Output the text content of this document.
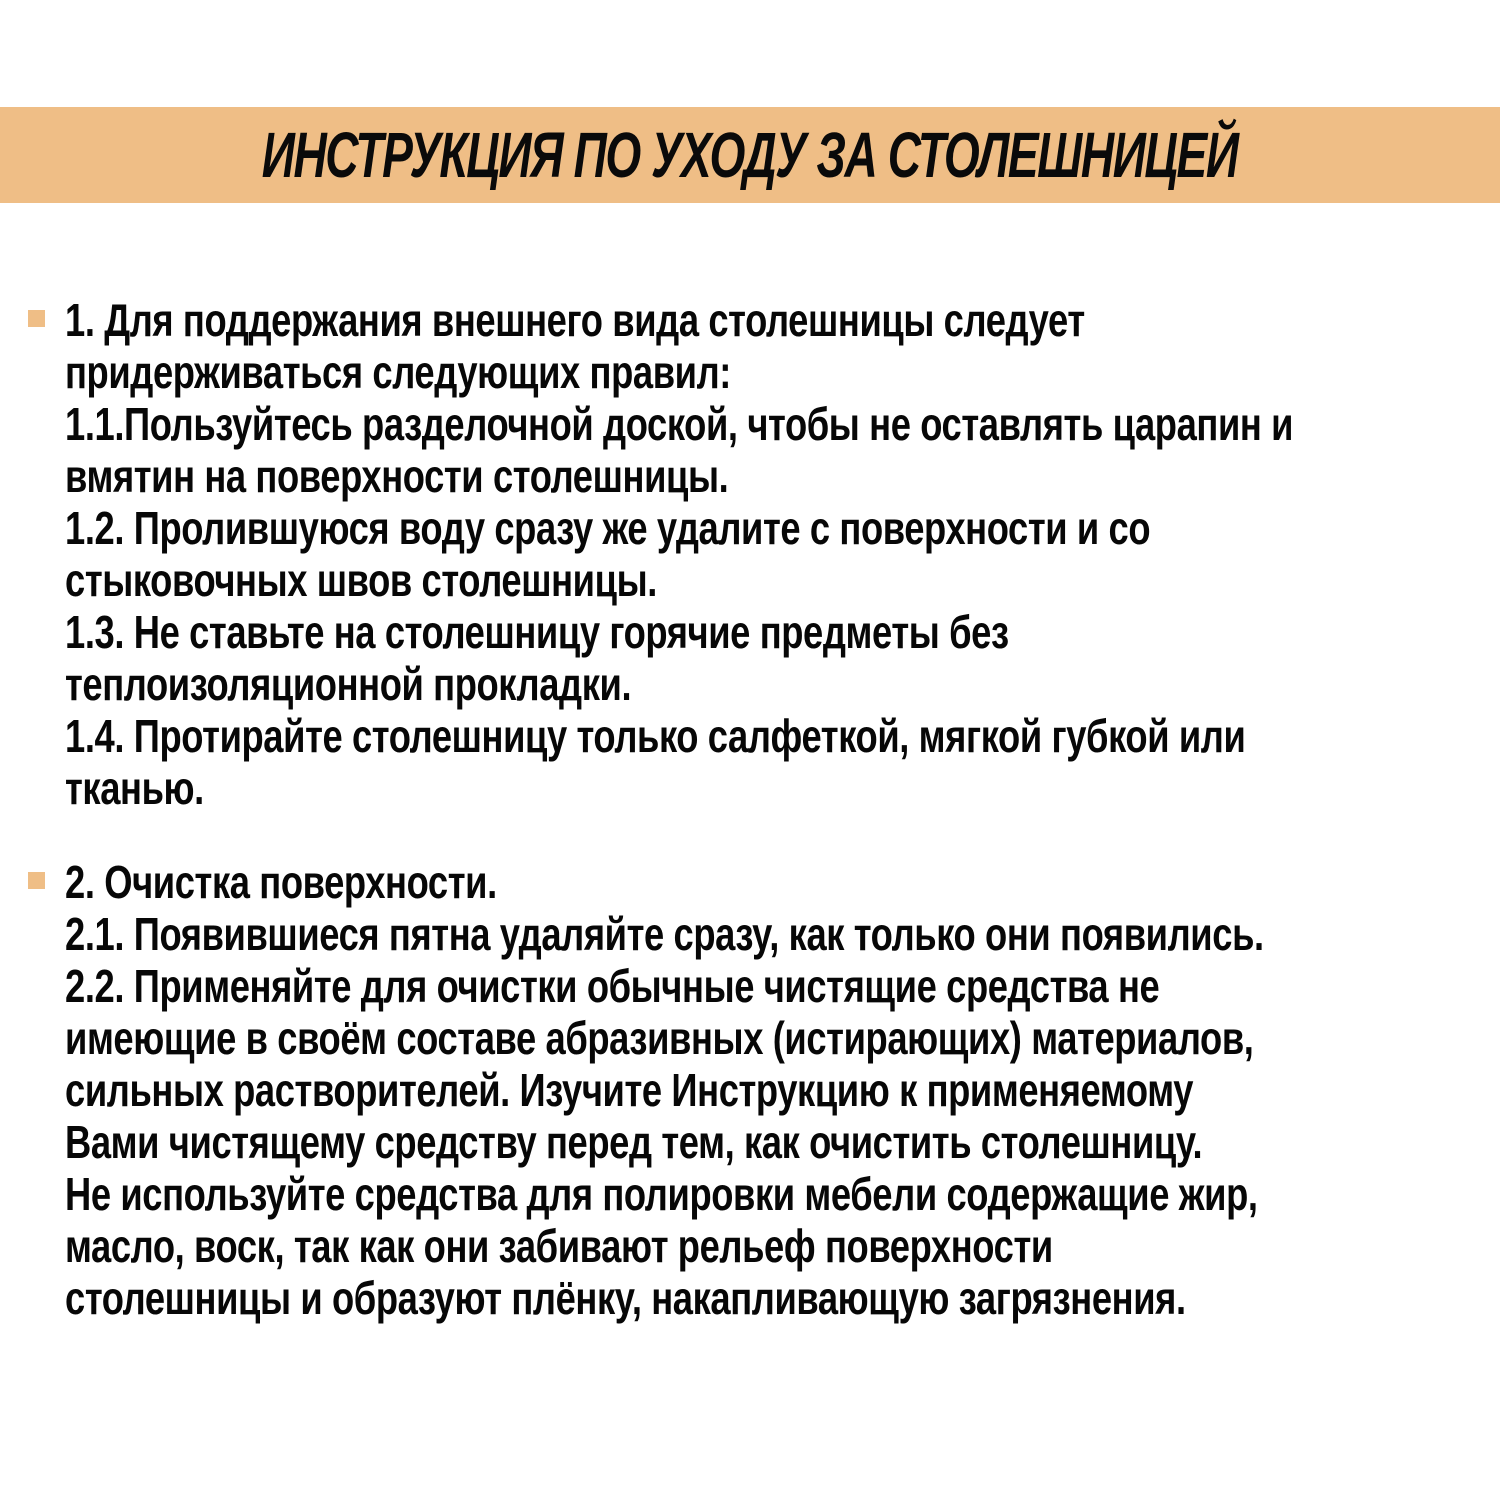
ИНСТРУКЦИЯ ПО УХОДУ ЗА СТОЛЕШНИЦЕЙ
1. Для поддержания внешнего вида столешницы следует
придерживаться следующих правил:
1.1.Пользуйтесь разделочной доской, чтобы не оставлять царапин и
вмятин на поверхности столешницы.
1.2. Пролившуюся воду сразу же удалите с поверхности и со
стыковочных швов столешницы.
1.3. Не ставьте на столешницу горячие предметы без
теплоизоляционной прокладки.
1.4. Протирайте столешницу только салфеткой, мягкой губкой или
тканью.
2. Очистка поверхности.
2.1. Появившиеся пятна удаляйте сразу, как только они появились.
2.2. Применяйте для очистки обычные чистящие средства не
имеющие в своём составе абразивных (истирающих) материалов,
сильных растворителей. Изучите Инструкцию к применяемому
Вами чистящему средству перед тем, как очистить столешницу.
Не используйте средства для полировки мебели содержащие жир,
масло, воск, так как они забивают рельеф поверхности
столешницы и образуют плёнку, накапливающую загрязнения.
